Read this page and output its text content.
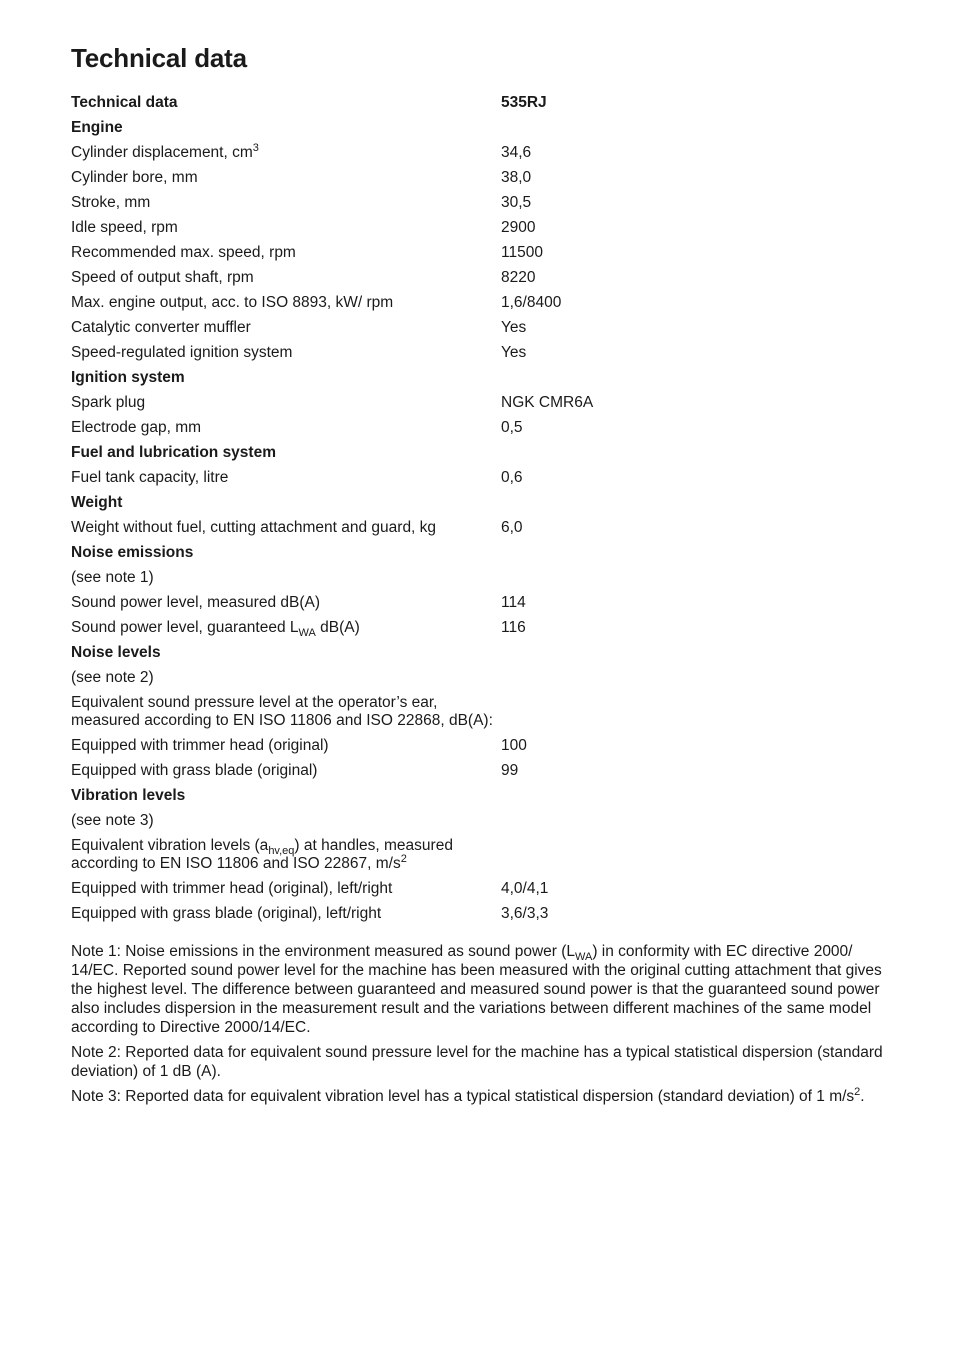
Technical data
Technical data	535RJ
Engine	
Cylinder displacement, $cm^3$	34,6
Cylinder bore, mm	38,0
Stroke, mm	30,5
Idle speed, rpm	2900
Recommended max. speed, rpm	11500
Speed of output shaft, rpm	8220
Max. engine output, acc. to ISO 8893, kW/ rpm	1,6/8400
Catalytic converter muffler	Yes
Speed-regulated ignition system	Yes
Ignition system	
Spark plug	NGK CMR6A
Electrode gap, mm	0,5
Fuel and lubrication system	
Fuel tank capacity, litre	0,6
Weight	
Weight without fuel, cutting attachment and guard, kg	6,0
Noise emissions	
(see note 1)	
Sound power level, measured dB(A)	114
Sound power level, guaranteed $L_{WA}$ dB(A)	116
Noise levels	
(see note 2)	
Equivalent sound pressure level at the operator’s ear,
measured according to EN ISO 11806 and ISO 22868, dB(A):	
Equipped with trimmer head (original)	100
Equipped with grass blade (original)	99
Vibration levels	
(see note 3)	
Equivalent vibration levels $(a_{hv,eq})$ at handles, measured
according to EN ISO 11806 and ISO 22867, $m/s^2$
Equipped with trimmer head (original), left/right	4,0/4,1
Equipped with grass blade (original), left/right	3,6/3,3

Note 1: Noise emissions in the environment measured as sound power $(L_{WA})$ in conformity with EC directive 2000/ 14/EC. Reported sound power level for the machine has been measured with the original cutting attachment that gives the highest level. The difference between guaranteed and measured sound power is that the guaranteed sound power also includes dispersion in the measurement result and the variations between different machines of the same model according to Directive 2000/14/EC.

Note 2: Reported data for equivalent sound pressure level for the machine has a typical statistical dispersion (standard deviation) of 1 dB (A).

Note 3: Reported data for equivalent vibration level has a typical statistical dispersion (standard deviation) of 1 $m/s^2$.
